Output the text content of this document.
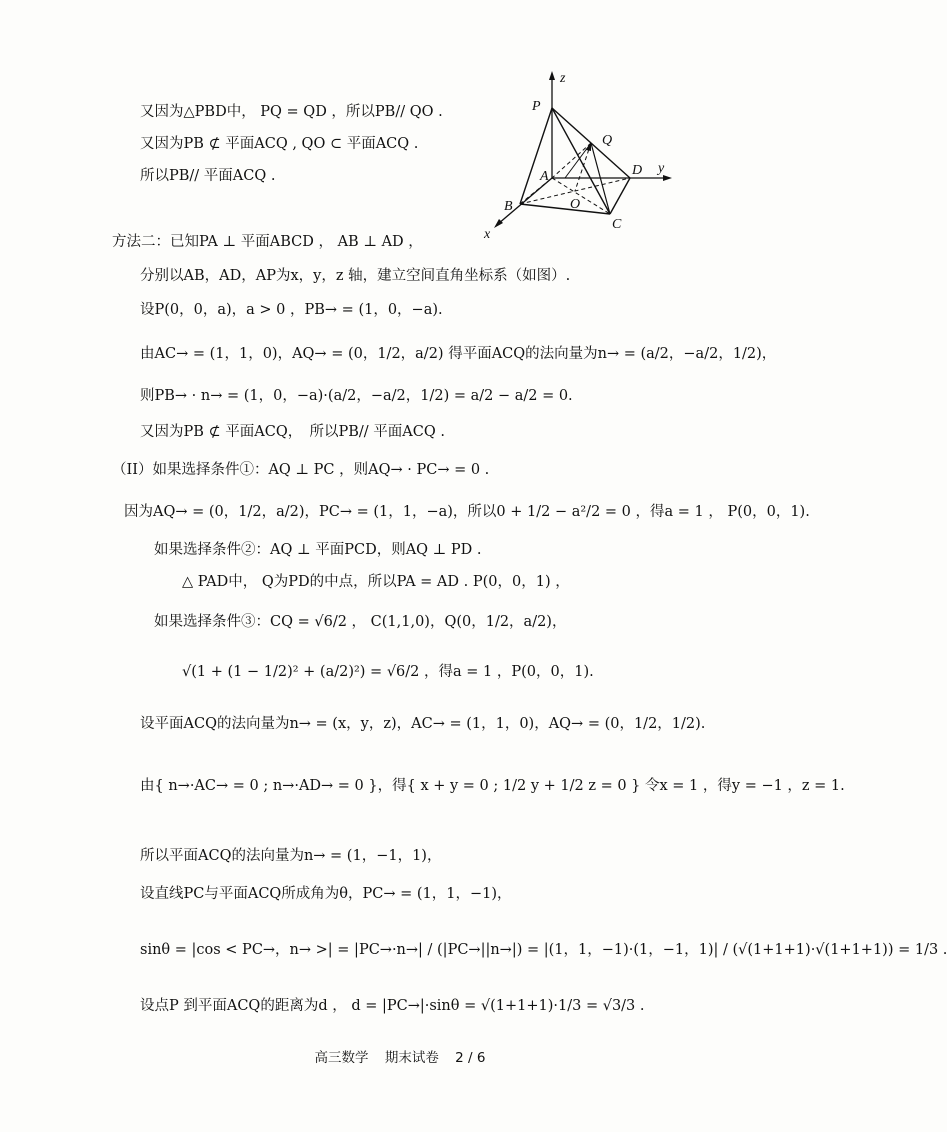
z
y
x
P
Q
A	D
B	O
C
又因为△PBD中， PQ = QD ，所以PB// QO .
又因为PB ⊄ 平面ACQ , QO ⊂ 平面ACQ .
所以PB// 平面ACQ .
方法二：已知PA ⊥ 平面ABCD ， AB ⊥ AD ，
分别以AB，AD，AP为x，y，z 轴，建立空间直角坐标系（如图）.
设P(0，0，a)，a > 0 ，PB→ = (1，0，−a).
由AC→ = (1，1，0)，AQ→ = (0，1/2，a/2) 得平面ACQ的法向量为n→ = (a/2，−a/2，1/2)，
则PB→ · n→ = (1，0，−a)·(a/2，−a/2，1/2) = a/2 − a/2 = 0.
又因为PB ⊄ 平面ACQ，　所以PB// 平面ACQ .
（II）如果选择条件①：AQ ⊥ PC ，则AQ→ · PC→ = 0 .
因为AQ→ = (0，1/2，a/2)，PC→ = (1，1，−a)，所以0 + 1/2 − a²/2 = 0 ，得a = 1 ， P(0，0，1).
如果选择条件②：AQ ⊥ 平面PCD，则AQ ⊥ PD .
△ PAD中， Q为PD的中点，所以PA = AD . P(0，0，1) ，
如果选择条件③：CQ = √6/2 ， C(1,1,0)，Q(0，1/2，a/2)，
√(1 + (1 − 1/2)² + (a/2)²) = √6/2 ，得a = 1 ，P(0，0，1).
设平面ACQ的法向量为n→ = (x，y，z)，AC→ = (1，1，0)，AQ→ = (0，1/2，1/2).
由{ n→·AC→ = 0 ; n→·AD→ = 0 }，得{ x + y = 0 ; 1/2 y + 1/2 z = 0 } 令x = 1 ，得y = −1 ，z = 1.
所以平面ACQ的法向量为n→ = (1，−1，1)，
设直线PC与平面ACQ所成角为θ，PC→ = (1，1，−1)，
sinθ = |cos < PC→，n→ >| = |PC→·n→| / (|PC→||n→|) = |(1，1，−1)·(1，−1，1)| / (√(1+1+1)·√(1+1+1)) = 1/3 .
设点P 到平面ACQ的距离为d ， d = |PC→|·sinθ = √(1+1+1)·1/3 = √3/3 .
高三数学 期末试卷 2 / 6
